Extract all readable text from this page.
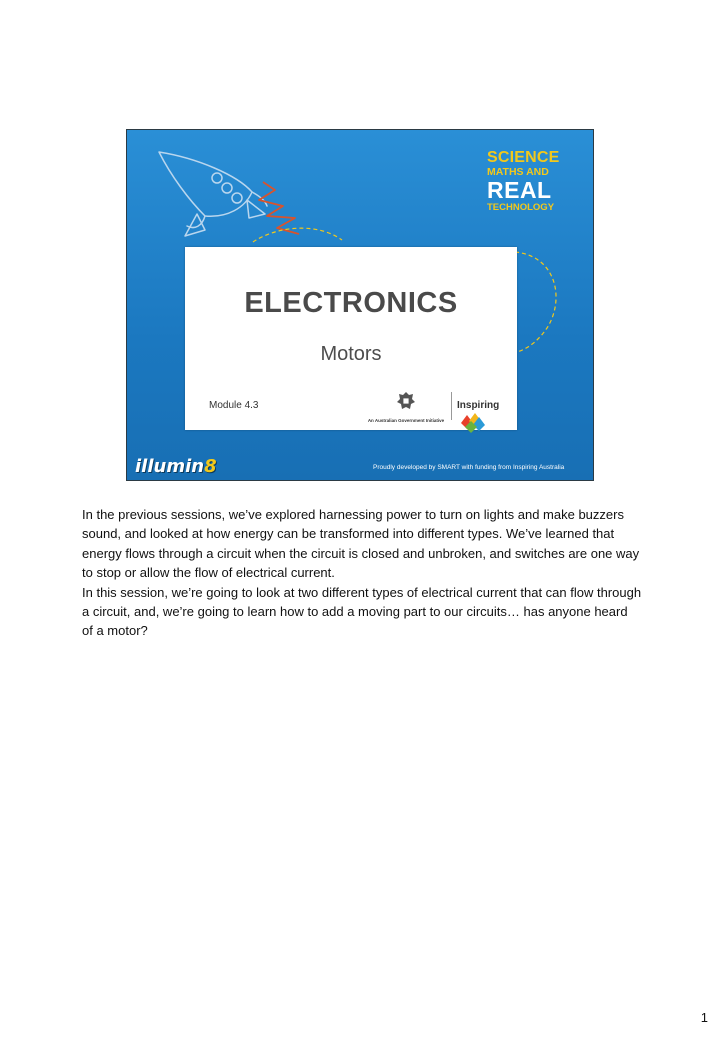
SCIENCE
MATHS AND
REAL
TECHNOLOGY
ELECTRONICS
Motors
Module 4.3
An Australian Government Initiative
Inspiring
illumin8	Proudly developed by SMART with funding from Inspiring Australia

In the previous sessions, we’ve explored harnessing power to turn on lights and make buzzers sound, and looked at how energy can be transformed into different types. We’ve learned that energy flows through a circuit when the circuit is closed and unbroken, and switches are one way to stop or allow the flow of electrical current.

In this session, we’re going to look at two different types of electrical current that can flow through a circuit, and, we’re going to learn how to add a moving part to our circuits… has anyone heard of a motor?

1
